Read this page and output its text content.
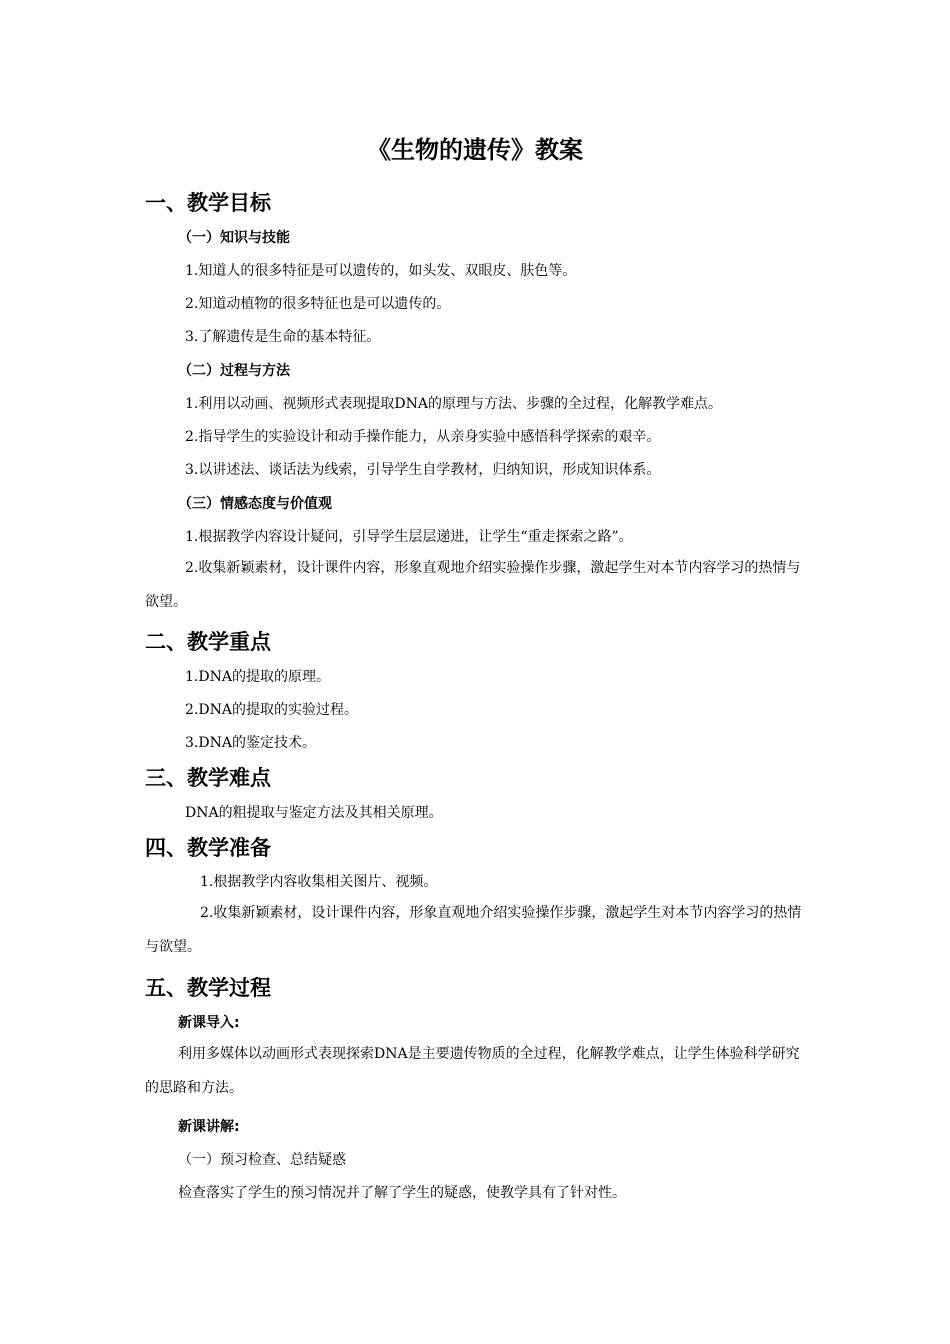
《生物的遗传》教案
一、教学目标
（一）知识与技能
1.知道人的很多特征是可以遗传的，如头发、双眼皮、肤色等。
2.知道动植物的很多特征也是可以遗传的。
3.了解遗传是生命的基本特征。
（二）过程与方法
1.利用以动画、视频形式表现提取DNA的原理与方法、步骤的全过程，化解教学难点。
2.指导学生的实验设计和动手操作能力，从亲身实验中感悟科学探索的艰辛。
3.以讲述法、谈话法为线索，引导学生自学教材，归纳知识，形成知识体系。
（三）情感态度与价值观
1.根据教学内容设计疑问，引导学生层层递进，让学生“重走探索之路”。
2.收集新颖素材，设计课件内容，形象直观地介绍实验操作步骤，激起学生对本节内容学习的热情与欲望。
二、教学重点
1.DNA的提取的原理。
2.DNA的提取的实验过程。
3.DNA的鉴定技术。
三、教学难点
DNA的粗提取与鉴定方法及其相关原理。
四、教学准备
1.根据教学内容收集相关图片、视频。
2.收集新颖素材，设计课件内容，形象直观地介绍实验操作步骤，激起学生对本节内容学习的热情与欲望。
五、教学过程
新课导入:
利用多媒体以动画形式表现探索DNA是主要遗传物质的全过程，化解教学难点，让学生体验科学研究的思路和方法。
新课讲解:
（一）预习检查、总结疑惑
检查落实了学生的预习情况并了解了学生的疑惑，使教学具有了针对性。
